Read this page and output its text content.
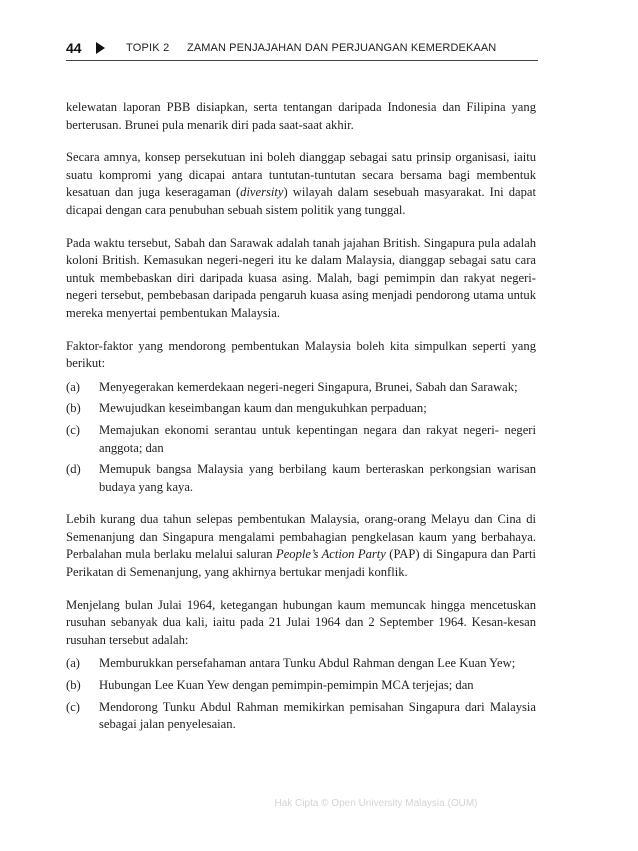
44	TOPIK 2 ZAMAN PENJAJAHAN DAN PERJUANGAN KEMERDEKAAN

kelewatan laporan PBB disiapkan, serta tentangan daripada Indonesia dan Filipina yang berterusan. Brunei pula menarik diri pada saat-saat akhir.

Secara amnya, konsep persekutuan ini boleh dianggap sebagai satu prinsip organisasi, iaitu suatu kompromi yang dicapai antara tuntutan-tuntutan secara bersama bagi membentuk kesatuan dan juga keseragaman (diversity) wilayah dalam sesebuah masyarakat. Ini dapat dicapai dengan cara penubuhan sebuah sistem politik yang tunggal.

Pada waktu tersebut, Sabah dan Sarawak adalah tanah jajahan British. Singapura pula adalah koloni British. Kemasukan negeri-negeri itu ke dalam Malaysia, dianggap sebagai satu cara untuk membebaskan diri daripada kuasa asing. Malah, bagi pemimpin dan rakyat negeri-negeri tersebut, pembebasan daripada pengaruh kuasa asing menjadi pendorong utama untuk mereka menyertai pembentukan Malaysia.

Faktor-faktor yang mendorong pembentukan Malaysia boleh kita simpulkan seperti yang berikut:

(a)	Menyegerakan kemerdekaan negeri-negeri Singapura, Brunei, Sabah dan Sarawak;
(b)	Mewujudkan keseimbangan kaum dan mengukuhkan perpaduan;
(c)	Memajukan ekonomi serantau untuk kepentingan negara dan rakyat negeri- negeri anggota; dan
(d)	Memupuk bangsa Malaysia yang berbilang kaum berteraskan perkongsian warisan budaya yang kaya.

Lebih kurang dua tahun selepas pembentukan Malaysia, orang-orang Melayu dan Cina di Semenanjung dan Singapura mengalami pembahagian pengkelasan kaum yang berbahaya. Perbalahan mula berlaku melalui saluran People’s Action Party (PAP) di Singapura dan Parti Perikatan di Semenanjung, yang akhirnya bertukar menjadi konflik.

Menjelang bulan Julai 1964, ketegangan hubungan kaum memuncak hingga mencetuskan rusuhan sebanyak dua kali, iaitu pada 21 Julai 1964 dan 2 September 1964. Kesan-kesan rusuhan tersebut adalah:

(a)	Memburukkan persefahaman antara Tunku Abdul Rahman dengan Lee Kuan Yew;
(b)	Hubungan Lee Kuan Yew dengan pemimpin-pemimpin MCA terjejas; dan
(c)	Mendorong Tunku Abdul Rahman memikirkan pemisahan Singapura dari Malaysia sebagai jalan penyelesaian.
Hak Cipta © Open University Malaysia (OUM)
